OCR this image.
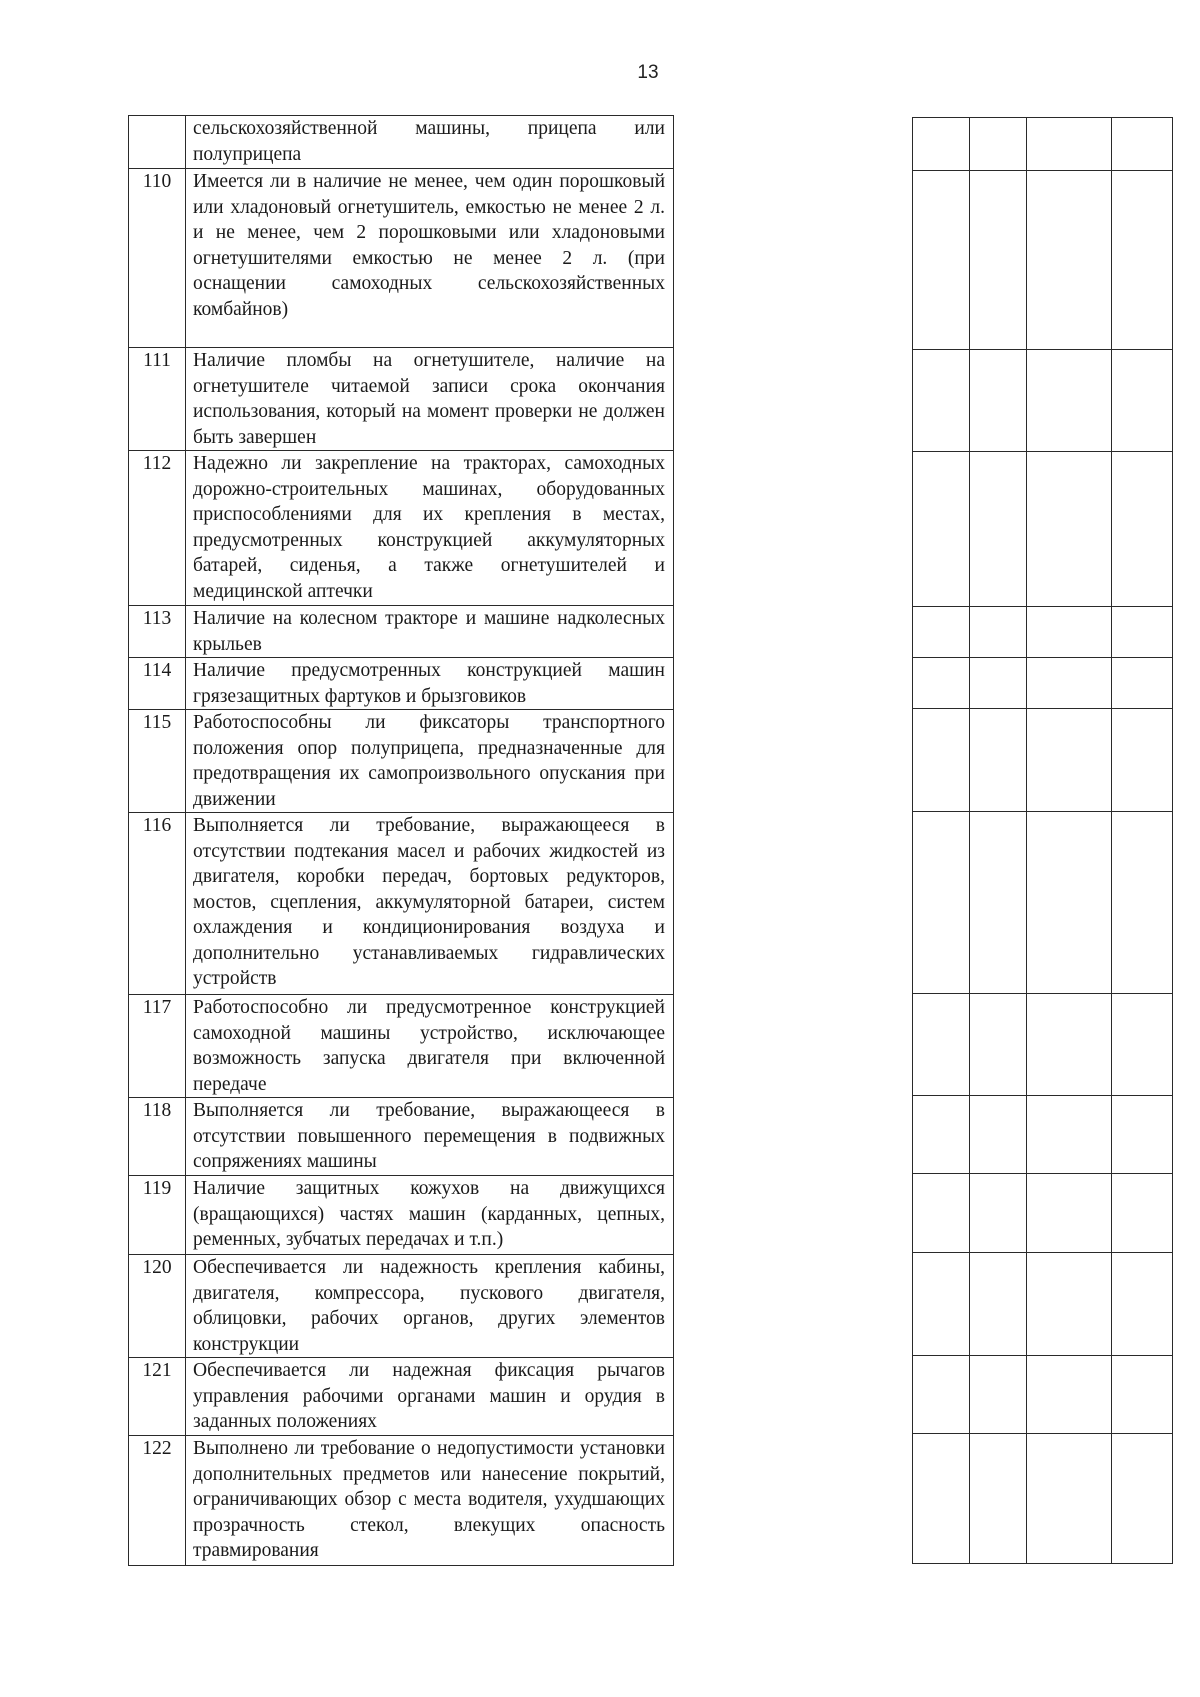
13
	сельскохозяйственной машины, прицепа или полуприцепа
110	Имеется ли в наличие не менее, чем один порошковый или хладоновый огнетушитель, емкостью не менее 2 л. и не менее, чем 2 порошковыми или хладоновыми огнетушителями емкостью не менее 2 л. (при оснащении самоходных сельскохозяйственных комбайнов)
111	Наличие пломбы на огнетушителе, наличие на огнетушителе читаемой записи срока окончания использования, который на момент проверки не должен быть завершен
112	Надежно ли закрепление на тракторах, самоходных дорожно-строительных машинах, оборудованных приспособлениями для их крепления в местах, предусмотренных конструкцией аккумуляторных батарей, сиденья, а также огнетушителей и медицинской аптечки
113	Наличие на колесном тракторе и машине надколесных крыльев
114	Наличие предусмотренных конструкцией машин грязезащитных фартуков и брызговиков
115	Работоспособны ли фиксаторы транспортного положения опор полуприцепа, предназначенные для предотвращения их самопроизвольного опускания при движении
116	Выполняется ли требование, выражающееся в отсутствии подтекания масел и рабочих жидкостей из двигателя, коробки передач, бортовых редукторов, мостов, сцепления, аккумуляторной батареи, систем охлаждения и кондиционирования воздуха и дополнительно устанавливаемых гидравлических устройств
117	Работоспособно ли предусмотренное конструкцией самоходной машины устройство, исключающее возможность запуска двигателя при включенной передаче
118	Выполняется ли требование, выражающееся в отсутствии повышенного перемещения в подвижных сопряжениях машины
119	Наличие защитных кожухов на движущихся (вращающихся) частях машин (карданных, цепных, ременных, зубчатых передачах и т.п.)
120	Обеспечивается ли надежность крепления кабины, двигателя, компрессора, пускового двигателя, облицовки, рабочих органов, других элементов конструкции
121	Обеспечивается ли надежная фиксация рычагов управления рабочими органами машин и орудия в заданных положениях
122	Выполнено ли требование о недопустимости установки дополнительных предметов или нанесение покрытий, ограничивающих обзор с места водителя, ухудшающих прозрачность стекол, влекущих опасность травмирования
